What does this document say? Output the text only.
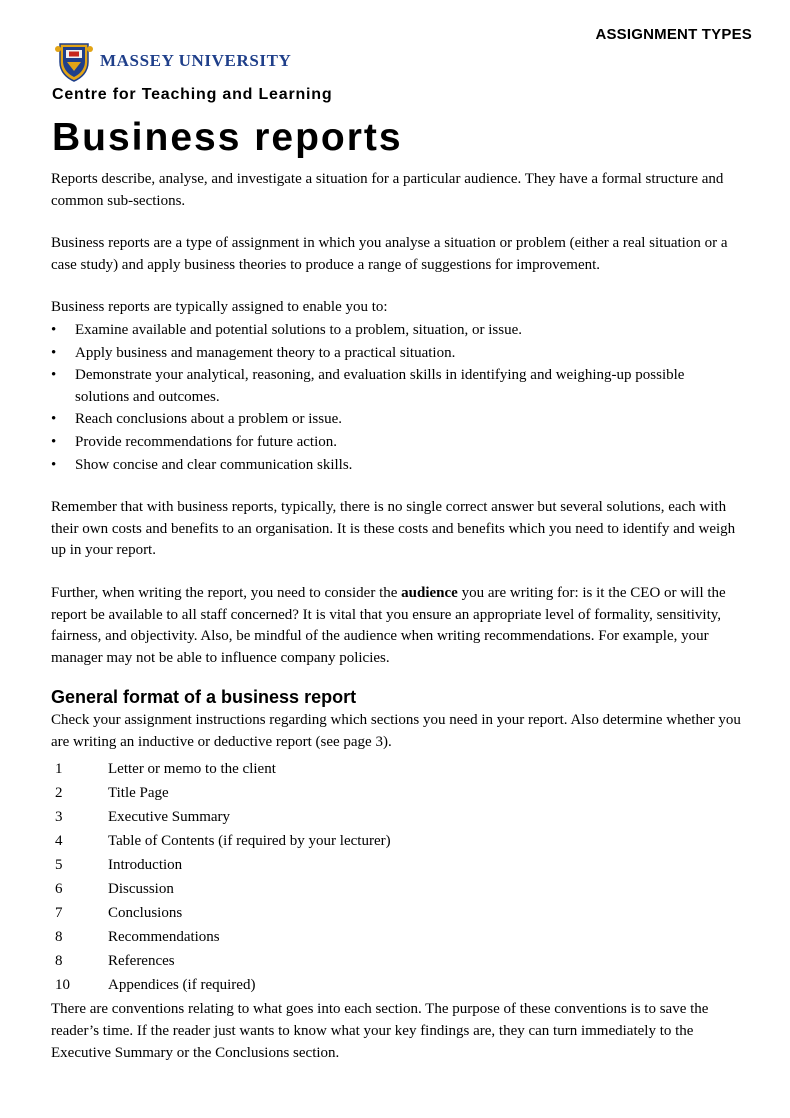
ASSIGNMENT TYPES
MASSEY UNIVERSITY
Centre for Teaching and Learning
Business reports

Reports describe, analyse, and investigate a situation for a particular audience. They have a formal structure and common sub-sections.

Business reports are a type of assignment in which you analyse a situation or problem (either a real situation or a case study) and apply business theories to produce a range of suggestions for improvement.

Business reports are typically assigned to enable you to:

• Examine available and potential solutions to a problem, situation, or issue.
• Apply business and management theory to a practical situation.
• Demonstrate your analytical, reasoning, and evaluation skills in identifying and weighing-up possible solutions and outcomes.
• Reach conclusions about a problem or issue.
• Provide recommendations for future action.
• Show concise and clear communication skills.

Remember that with business reports, typically, there is no single correct answer but several solutions, each with their own costs and benefits to an organisation. It is these costs and benefits which you need to identify and weigh up in your report.

Further, when writing the report, you need to consider the audience you are writing for: is it the CEO or will the report be available to all staff concerned? It is vital that you ensure an appropriate level of formality, sensitivity, fairness, and objectivity. Also, be mindful of the audience when writing recommendations. For example, your manager may not be able to influence company policies.

General format of a business report

Check your assignment instructions regarding which sections you need in your report. Also determine whether you are writing an inductive or deductive report (see page 3).

1	Letter or memo to the client
2	Title Page
3	Executive Summary
4	Table of Contents (if required by your lecturer)
5	Introduction
6	Discussion
7	Conclusions
8	Recommendations
8	References
10	Appendices (if required)

There are conventions relating to what goes into each section. The purpose of these conventions is to save the reader’s time. If the reader just wants to know what your key findings are, they can turn immediately to the Executive Summary or the Conclusions section.
